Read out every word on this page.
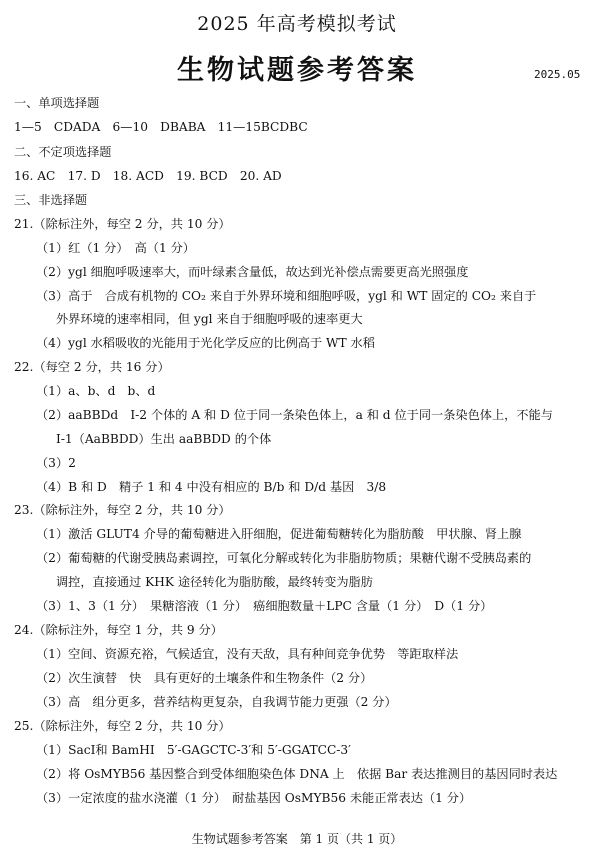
2025 年高考模拟考试
生物试题参考答案	2025.05
一、单项选择题
1—5　CDADA　6—10　DBABA　11—15BCDBC
二、不定项选择题
16. AC　17. D　18. ACD　19. BCD　20. AD
三、非选择题
21.（除标注外，每空 2 分，共 10 分）
（1）红（1 分）　高（1 分）
（2）ygl 细胞呼吸速率大，而叶绿素含量低，故达到光补偿点需要更高光照强度
（3）高于　合成有机物的 CO₂ 来自于外界环境和细胞呼吸，ygl 和 WT 固定的 CO₂ 来自于
外界环境的速率相同，但 ygl 来自于细胞呼吸的速率更大
（4）ygl 水稻吸收的光能用于光化学反应的比例高于 WT 水稻
22.（每空 2 分，共 16 分）
（1）a、b、d　b、d
（2）aaBBDd　Ⅰ-2 个体的 A 和 D 位于同一条染色体上，a 和 d 位于同一条染色体上，不能与
Ⅰ-1（AaBBDD）生出 aaBBDD 的个体
（3）2
（4）B 和 D　精子 1 和 4 中没有相应的 B/b 和 D/d 基因　3/8
23.（除标注外，每空 2 分，共 10 分）
（1）激活 GLUT4 介导的葡萄糖进入肝细胞，促进葡萄糖转化为脂肪酸　甲状腺、肾上腺
（2）葡萄糖的代谢受胰岛素调控，可氧化分解或转化为非脂肪物质；果糖代谢不受胰岛素的
调控，直接通过 KHK 途径转化为脂肪酸，最终转变为脂肪
（3）1、3（1 分）　果糖溶液（1 分）　癌细胞数量＋LPC 含量（1 分）　D（1 分）
24.（除标注外，每空 1 分，共 9 分）
（1）空间、资源充裕，气候适宜，没有天敌，具有种间竞争优势　等距取样法
（2）次生演替　快　具有更好的土壤条件和生物条件（2 分）
（3）高　组分更多，营养结构更复杂，自我调节能力更强（2 分）
25.（除标注外，每空 2 分，共 10 分）
（1）SacⅠ和 BamHⅠ　5′-GAGCTC-3′和 5′-GGATCC-3′
（2）将 OsMYB56 基因整合到受体细胞染色体 DNA 上　依据 Bar 表达推测目的基因同时表达
（3）一定浓度的盐水浇灌（1 分）　耐盐基因 OsMYB56 未能正常表达（1 分）
生物试题参考答案　第 1 页（共 1 页）
